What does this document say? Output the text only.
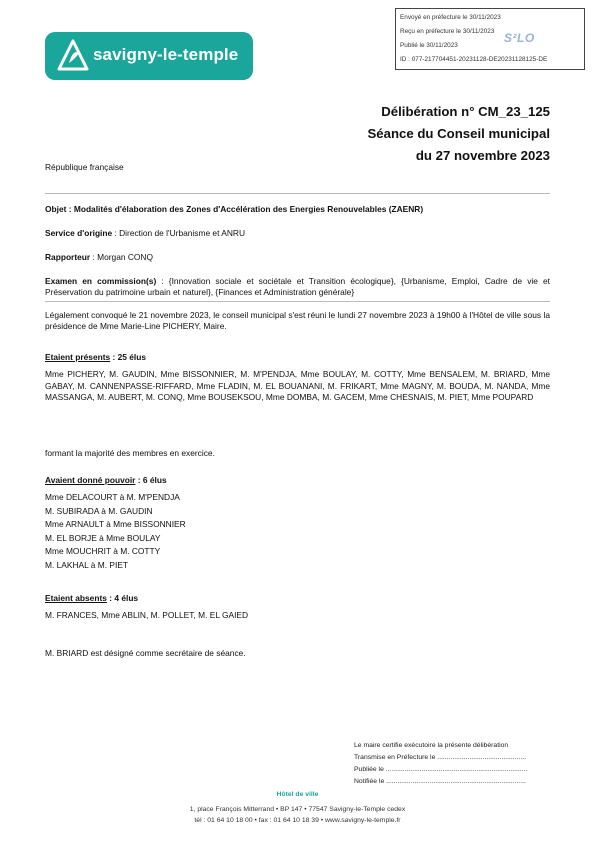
Envoyé en préfecture le 30/11/2023
Reçu en préfecture le 30/11/2023
Publié le 30/11/2023
ID : 077-217704451-20231128-DE20231128125-DE
S²LO
savigny-le-temple
Délibération n° CM_23_125
Séance du Conseil municipal
du 27 novembre 2023
République française
Objet : Modalités d'élaboration des Zones d'Accélération des Energies Renouvelables (ZAENR)
Service d'origine : Direction de l'Urbanisme et ANRU
Rapporteur : Morgan CONQ
Examen en commission(s) : {Innovation sociale et sociétale et Transition écologique}, {Urbanisme, Emploi, Cadre de vie et Préservation du patrimoine urbain et naturel}, {Finances et Administration générale}
Légalement convoqué le 21 novembre 2023, le conseil municipal s'est réuni le lundi 27 novembre 2023 à 19h00 à l'Hôtel de ville sous la présidence de Mme Marie-Line PICHERY, Maire.
Etaient présents : 25 élus
Mme PICHERY, M. GAUDIN, Mme BISSONNIER, M. M'PENDJA, Mme BOULAY, M. COTTY, Mme BENSALEM, M. BRIARD, Mme GABAY, M. CANNENPASSE-RIFFARD, Mme FLADIN, M. EL BOUANANI, M. FRIKART, Mme MAGNY, M. BOUDA, M. NANDA, Mme MASSANGA, M. AUBERT, M. CONQ, Mme BOUSEKSOU, Mme DOMBA, M. GACEM, Mme CHESNAIS, M. PIET, Mme POUPARD
formant la majorité des membres en exercice.
Avaient donné pouvoir : 6 élus
Mme DELACOURT à M. M'PENDJA
M. SUBIRADA à M. GAUDIN
Mme ARNAULT à Mme BISSONNIER
M. EL BORJE à Mme BOULAY
Mme MOUCHRIT à M. COTTY
M. LAKHAL à M. PIET
Etaient absents : 4 élus
M. FRANCES, Mme ABLIN, M. POLLET, M. EL GAIED
M. BRIARD est désigné comme secrétaire de séance.
Le maire certifie exécutoire la présente délibération
Transmise en Préfecture le ...............................................
Publiée le ...........................................................................
Notifiée le ..........................................................................
Hôtel de ville
1, place François Mitterrand • BP 147 • 77547 Savigny-le-Temple cedex
tél : 01 64 10 18 00 • fax : 01 64 10 18 39 • www.savigny-le-temple.fr
